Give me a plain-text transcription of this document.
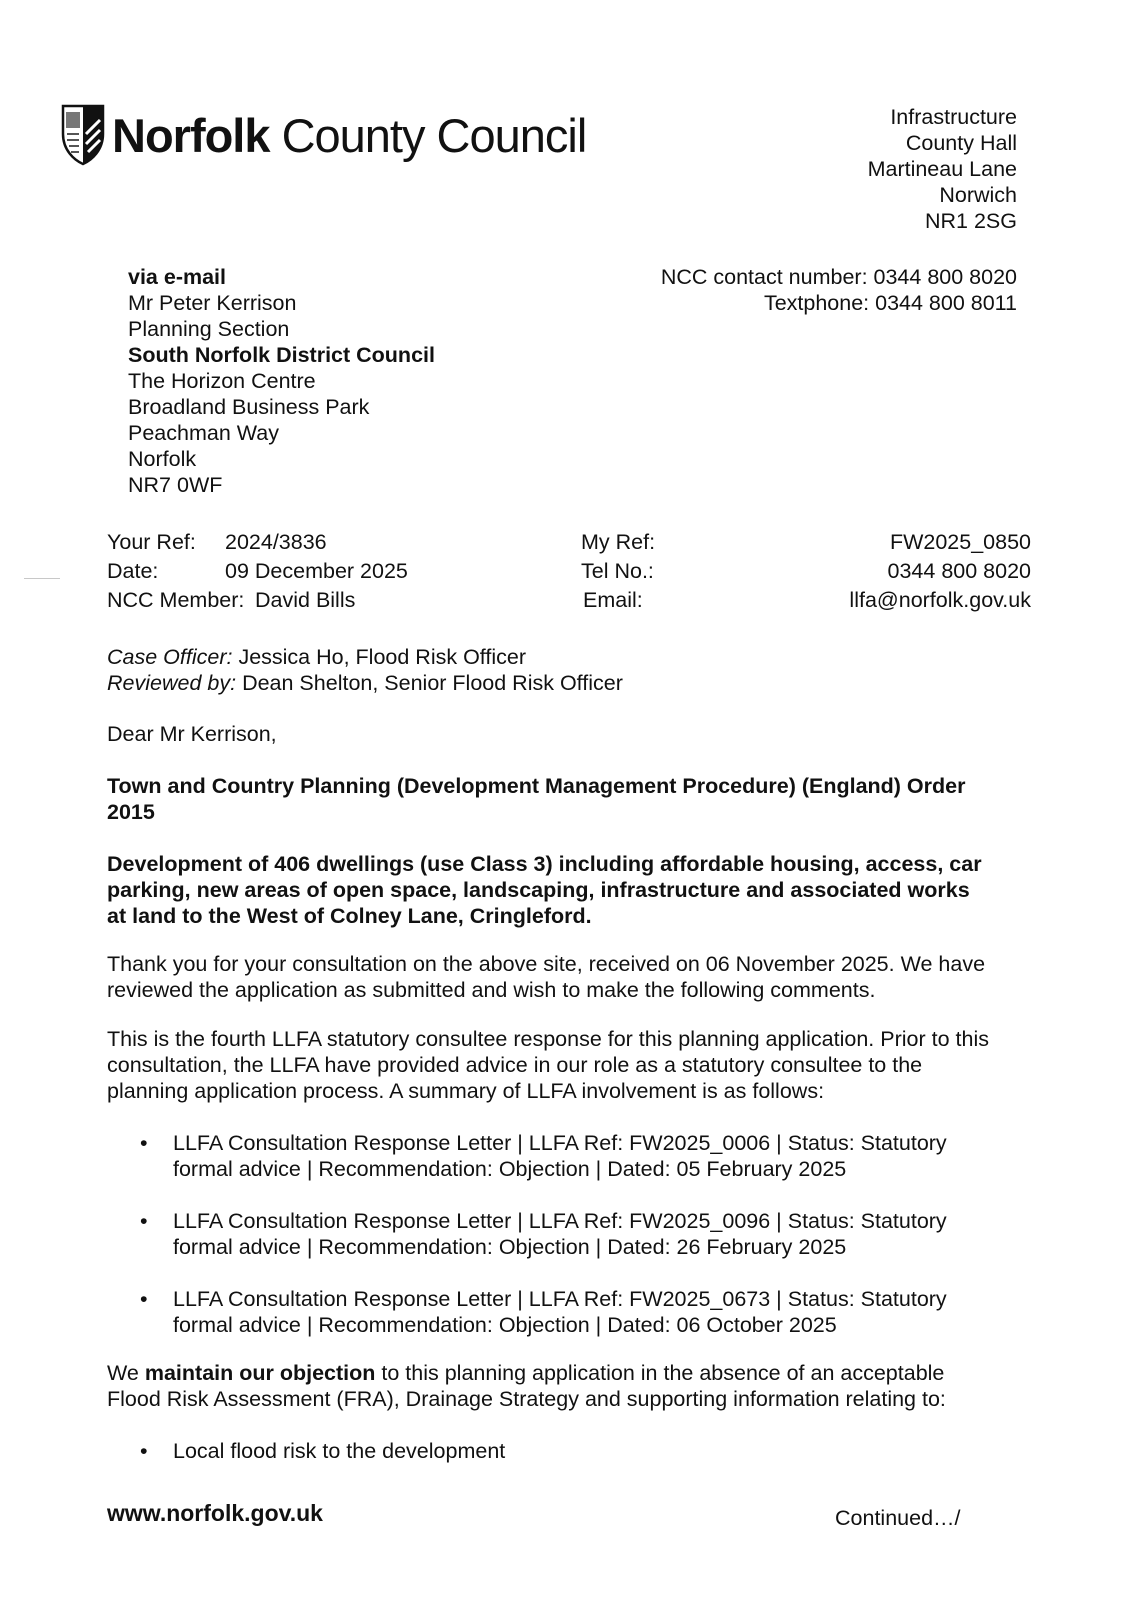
Norfolk County Council	Infrastructure
County Hall
Martineau Lane
Norwich
NR1 2SG
NCC contact number: 0344 800 8020
Textphone: 0344 800 8011
via e-mail
Mr Peter Kerrison
Planning Section
South Norfolk District Council
The Horizon Centre
Broadland Business Park
Peachman Way
Norfolk
NR7 0WF
Your Ref: 2024/3836	My Ref:	FW2025_0850
Date:	09 December 2025	Tel No.:	0344 800 8020
NCC Member: David Bills	Email:	llfa@norfolk.gov.uk
Case Officer: Jessica Ho, Flood Risk Officer
Reviewed by: Dean Shelton, Senior Flood Risk Officer

Dear Mr Kerrison,

Town and Country Planning (Development Management Procedure) (England) Order 2015

Development of 406 dwellings (use Class 3) including affordable housing, access, car parking, new areas of open space, landscaping, infrastructure and associated works at land to the West of Colney Lane, Cringleford.

Thank you for your consultation on the above site, received on 06 November 2025. We have reviewed the application as submitted and wish to make the following comments.

This is the fourth LLFA statutory consultee response for this planning application. Prior to this consultation, the LLFA have provided advice in our role as a statutory consultee to the planning application process. A summary of LLFA involvement is as follows:

• LLFA Consultation Response Letter | LLFA Ref: FW2025_0006 | Status: Statutory formal advice | Recommendation: Objection | Dated: 05 February 2025
• LLFA Consultation Response Letter | LLFA Ref: FW2025_0096 | Status: Statutory formal advice | Recommendation: Objection | Dated: 26 February 2025
• LLFA Consultation Response Letter | LLFA Ref: FW2025_0673 | Status: Statutory formal advice | Recommendation: Objection | Dated: 06 October 2025

We maintain our objection to this planning application in the absence of an acceptable Flood Risk Assessment (FRA), Drainage Strategy and supporting information relating to:

• Local flood risk to the development
www.norfolk.gov.uk	Continued…/
